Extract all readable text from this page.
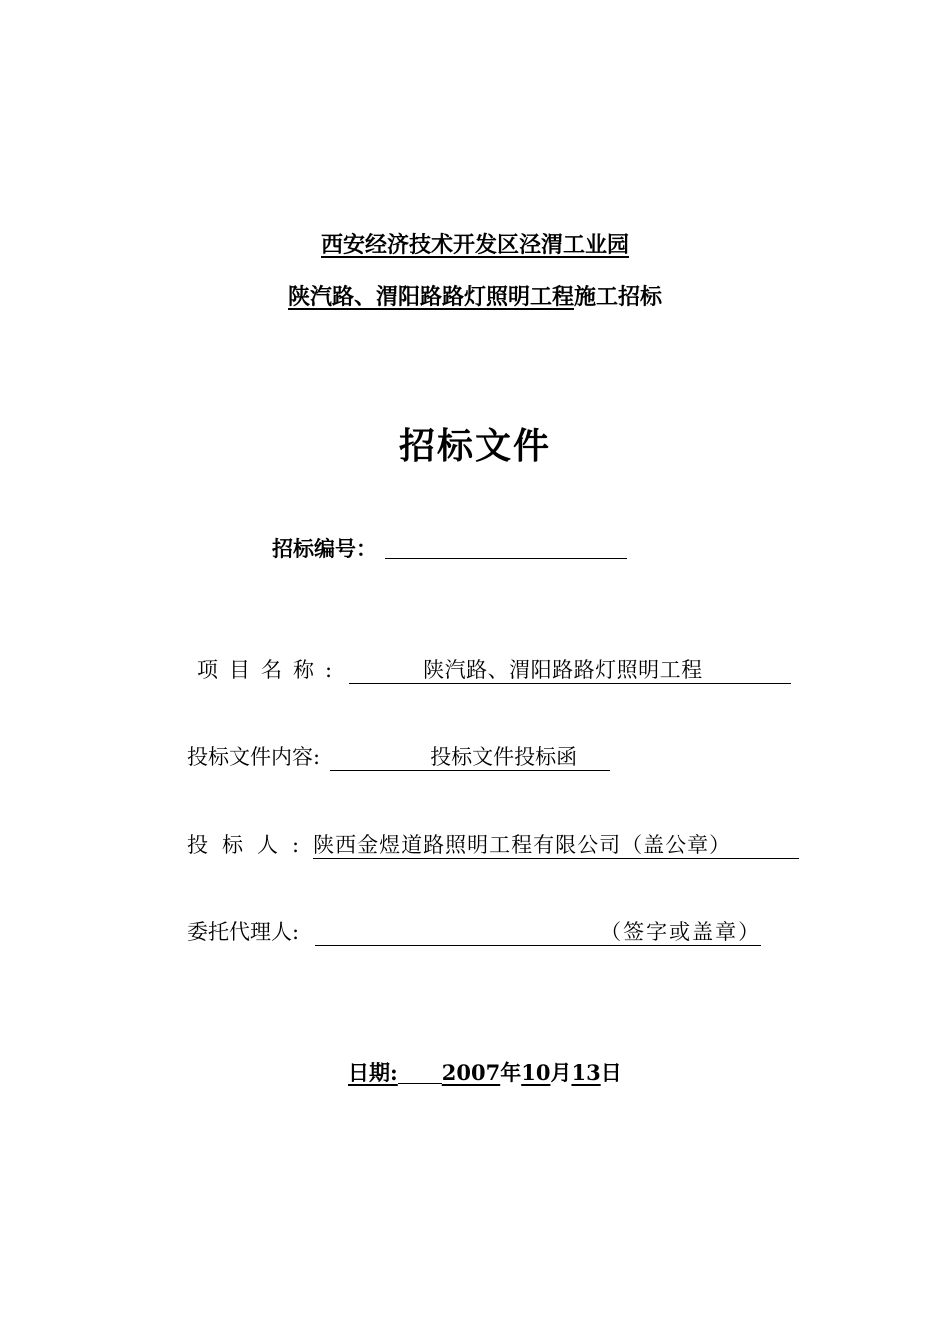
西安经济技术开发区泾渭工业园
陕汽路、渭阳路路灯照明工程施工招标
招标文件
招标编号：
项目名称:	陕汽路、渭阳路路灯照明工程
投标文件内容:	投标文件投标函
投标人:陕西金煜道路照明工程有限公司（盖公章）
委托代理人:	（签字或盖章）
日期: 2007年10月13日
